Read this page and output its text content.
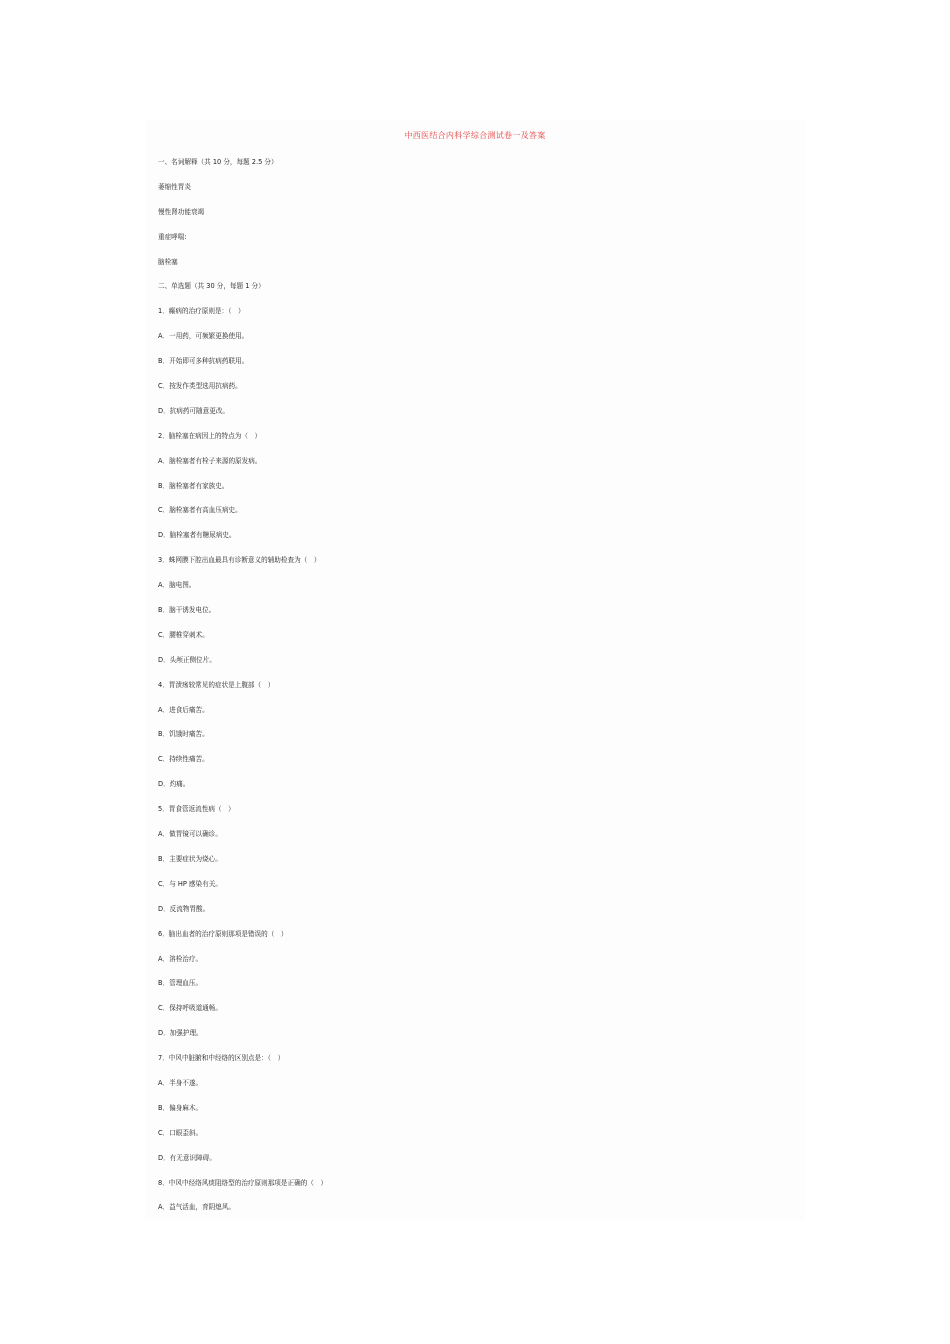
中西医结合内科学综合测试卷一及答案
一、名词解释（共 10 分，每题 2.5 分）
萎缩性胃炎
慢性肾功能衰竭
重症哮喘:
脑栓塞
二、单选题（共 30 分，每题 1 分）
1．癫病的治疗原则是：（　）
A．一用药，可频繁更换使用。
B．开始即可多种抗病药联用。
C．按发作类型选用抗病药。
D．抗病药可随意更改。
2．脑栓塞在病因上的特点为（　）
A．脑栓塞者有栓子来源的原发病。
B．脑栓塞者有家族史。
C．脑栓塞者有高血压病史。
D．脑栓塞者有糖尿病史。
3．蛛网膜下腔出血最具有诊断意义的辅助检查为（　）
A．脑电图。
B．脑干诱发电位。
C．腰椎穿刺术。
D．头颅正侧位片。
4．胃溃疡较常见的症状是上腹部（　）
A．进食后痛苦。
B．饥饿时痛苦。
C．持续性痛苦。
D．灼痛。
5．胃食管返流性病（　）
A．做胃镜可以确诊。
B．主要症状为烧心。
C．与 HP 感染有关。
D．反流物胃酸。
6．脑出血者的治疗原则那项是错误的（　）
A．溶栓治疗。
B．管理血压。
C．保持呼吸道通畅。
D．加强护理。
7．中风中脏腑和中经络的区别点是：（　）
A．半身不遂。
B．偏身麻木。
C．口眼歪斜。
D．有无意识障碍。
8．中风中经络风痰阻络型的治疗原则那项是正确的（　）
A．益气活血，育阴熄风。
